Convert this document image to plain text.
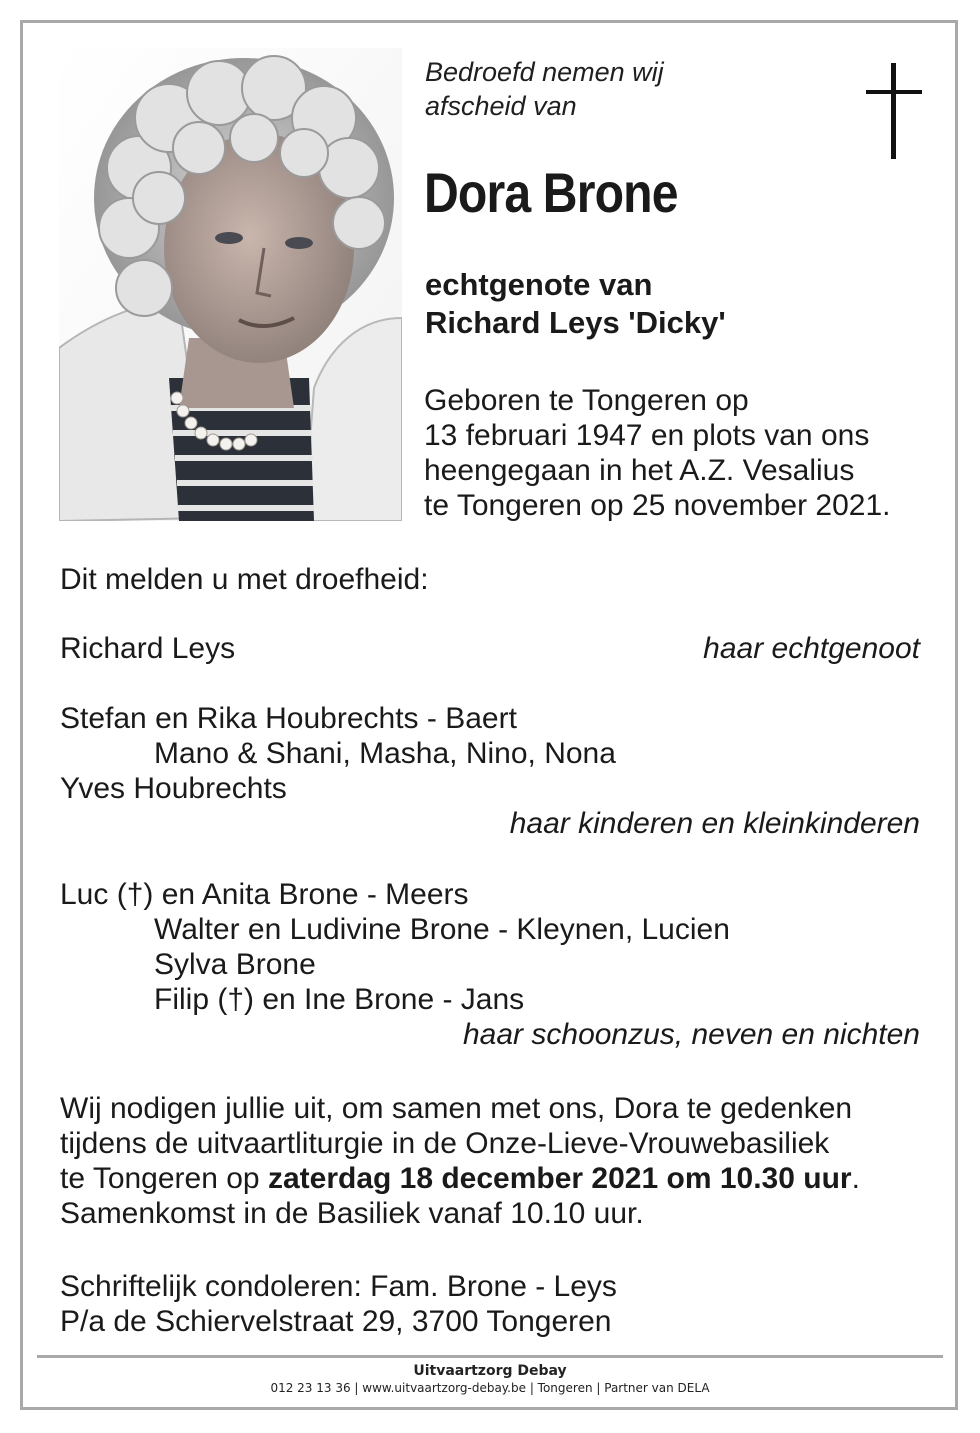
Bedroefd nemen wij
afscheid van
Dora Brone
echtgenote van
Richard Leys 'Dicky'
Geboren te Tongeren op
13 februari 1947 en plots van ons
heengegaan in het A.Z. Vesalius
te Tongeren op 25 november 2021.
Dit melden u met droefheid:
Richard Leys	haar echtgenoot
Stefan en Rika Houbrechts - Baert
Mano & Shani, Masha, Nino, Nona
Yves Houbrechts
haar kinderen en kleinkinderen
Luc (†) en Anita Brone - Meers
Walter en Ludivine Brone - Kleynen, Lucien
Sylva Brone
Filip (†) en Ine Brone - Jans
haar schoonzus, neven en nichten
Wij nodigen jullie uit, om samen met ons, Dora te gedenken
tijdens de uitvaartliturgie in de Onze-Lieve-Vrouwebasiliek
te Tongeren op zaterdag 18 december 2021 om 10.30 uur.
Samenkomst in de Basiliek vanaf 10.10 uur.
Schriftelijk condoleren: Fam. Brone - Leys
P/a de Schiervelstraat 29, 3700 Tongeren
Uitvaartzorg Debay
012 23 13 36 | www.uitvaartzorg-debay.be | Tongeren | Partner van DELA
